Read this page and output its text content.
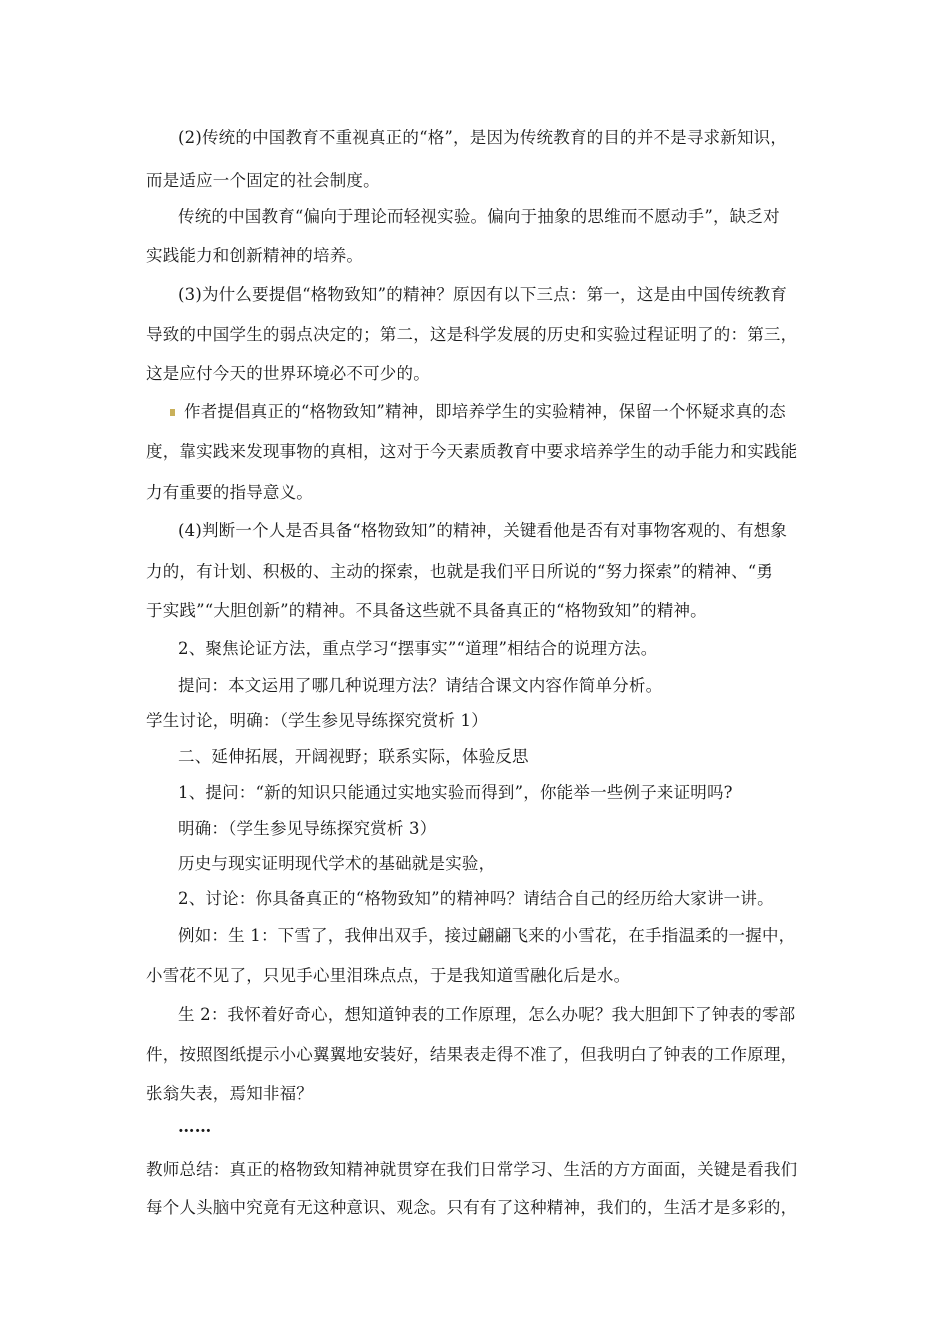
(2)传统的中国教育不重视真正的“格”，是因为传统教育的目的并不是寻求新知识，
而是适应一个固定的社会制度。
传统的中国教育“偏向于理论而轻视实验。偏向于抽象的思维而不愿动手”，缺乏对
实践能力和创新精神的培养。
(3)为什么要提倡“格物致知”的精神？原因有以下三点：第一，这是由中国传统教育
导致的中国学生的弱点决定的；第二，这是科学发展的历史和实验过程证明了的：第三，
这是应付今天的世界环境必不可少的。
作者提倡真正的“格物致知”精神，即培养学生的实验精神，保留一个怀疑求真的态
度，靠实践来发现事物的真相，这对于今天素质教育中要求培养学生的动手能力和实践能
力有重要的指导意义。
(4)判断一个人是否具备“格物致知”的精神，关键看他是否有对事物客观的、有想象
力的，有计划、积极的、主动的探索，也就是我们平日所说的“努力探索”的精神、“勇
于实践”“大胆创新”的精神。不具备这些就不具备真正的“格物致知”的精神。
2、聚焦论证方法，重点学习“摆事实”“道理”相结合的说理方法。
提问：本文运用了哪几种说理方法？请结合课文内容作简单分析。
学生讨论，明确：（学生参见导练探究赏析 1）
二、延伸拓展，开阔视野；联系实际，体验反思
1、提问：“新的知识只能通过实地实验而得到”，你能举一些例子来证明吗?
明确：（学生参见导练探究赏析 3）
历史与现实证明现代学术的基础就是实验，
2、讨论：你具备真正的“格物致知”的精神吗？请结合自己的经历给大家讲一讲。
例如：生 1：下雪了，我伸出双手，接过翩翩飞来的小雪花，在手指温柔的一握中，
小雪花不见了，只见手心里泪珠点点，于是我知道雪融化后是水。
生 2：我怀着好奇心，想知道钟表的工作原理，怎么办呢？我大胆卸下了钟表的零部
件，按照图纸提示小心翼翼地安装好，结果表走得不准了，但我明白了钟表的工作原理，
张翁失表，焉知非福？
……
教师总结：真正的格物致知精神就贯穿在我们日常学习、生活的方方面面，关键是看我们
每个人头脑中究竟有无这种意识、观念。只有有了这种精神，我们的，生活才是多彩的，
